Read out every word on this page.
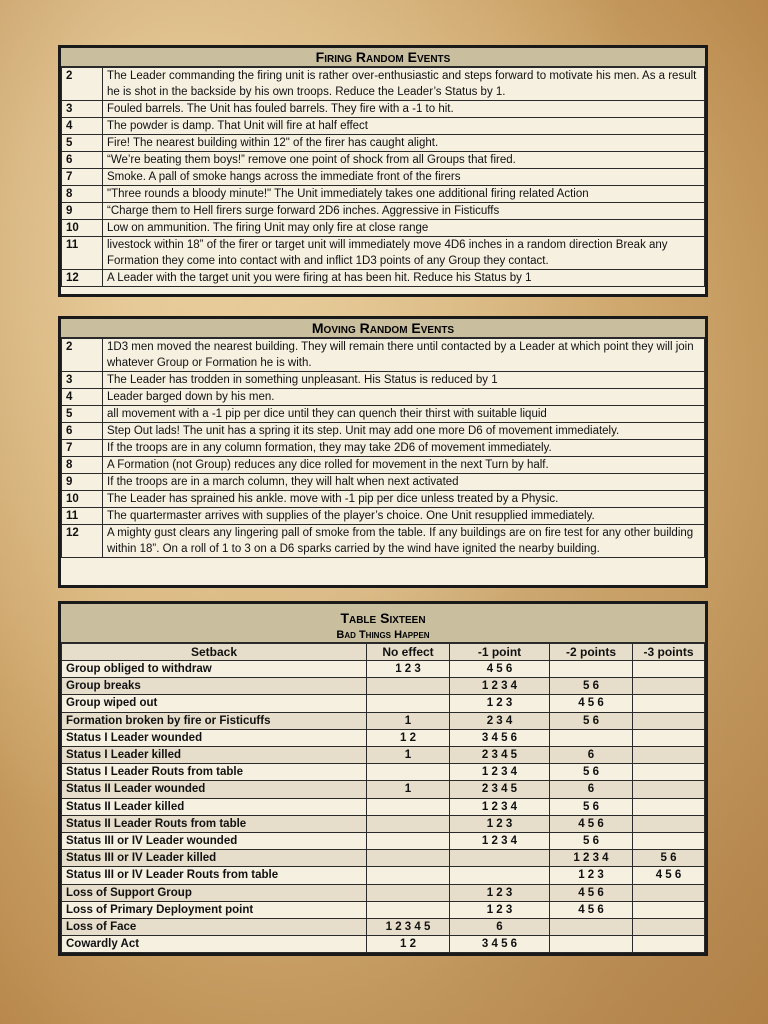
Firing Random Events
2	The Leader commanding the firing unit is rather over-enthusiastic and steps forward to motivate his men. As a result he is shot in the backside by his own troops. Reduce the Leader’s Status by 1.
3	Fouled barrels. The Unit has fouled barrels. They fire with a -1 to hit.
4	The powder is damp. That Unit will fire at half effect
5	Fire! The nearest building within 12" of the firer has caught alight.
6	“We’re beating them boys!” remove one point of shock from all Groups that fired.
7	Smoke. A pall of smoke hangs across the immediate front of the firers
8	"Three rounds a bloody minute!" The Unit immediately takes one additional firing related Action
9	“Charge them to Hell firers surge forward 2D6 inches. Aggressive in Fisticuffs
10	Low on ammunition. The firing Unit may only fire at close range
11	livestock within 18” of the firer or target unit will immediately move 4D6 inches in a random direction Break any Formation they come into contact with and inflict 1D3 points of any Group they contact.
12	A Leader with the target unit you were firing at has been hit. Reduce his Status by 1
Moving Random Events
2	1D3 men moved the nearest building. They will remain there until contacted by a Leader at which point they will join whatever Group or Formation he is with.
3	The Leader has trodden in something unpleasant. His Status is reduced by 1
4	Leader barged down by his men.
5	all movement with a -1 pip per dice until they can quench their thirst with suitable liquid
6	Step Out lads! The unit has a spring it its step. Unit may add one more D6 of movement immediately.
7	If the troops are in any column formation, they may take 2D6 of movement immediately.
8	A Formation (not Group) reduces any dice rolled for movement in the next Turn by half.
9	If the troops are in a march column, they will halt when next activated
10	The Leader has sprained his ankle. move with -1 pip per dice unless treated by a Physic.
11	The quartermaster arrives with supplies of the player’s choice. One Unit resupplied immediately.
12	A mighty gust clears any lingering pall of smoke from the table. If any buildings are on fire test for any other building within 18”. On a roll of 1 to 3 on a D6 sparks carried by the wind have ignited the nearby building.
Table Sixteen
Bad Things Happen
Setback	No effect	-1 point	-2 points	-3 points
Group obliged to withdraw	1 2 3	4 5 6		
Group breaks		1 2 3 4	5 6	
Group wiped out		1 2 3	4 5 6	
Formation broken by fire or Fisticuffs	1	2 3 4	5 6	
Status I Leader wounded	1 2	3 4 5 6		
Status I Leader killed	1	2 3 4 5	6	
Status I Leader Routs from table		1 2 3 4	5 6	
Status II Leader wounded	1	2 3 4 5	6	
Status II Leader killed		1 2 3 4	5 6	
Status II Leader Routs from table		1 2 3	4 5 6	
Status III or IV Leader wounded		1 2 3 4	5 6	
Status III or IV Leader killed			1 2 3 4	5 6
Status III or IV Leader Routs from table			1 2 3	4 5 6
Loss of Support Group		1 2 3	4 5 6	
Loss of Primary Deployment point		1 2 3	4 5 6	
Loss of Face	1 2 3 4 5	6		
Cowardly Act	1 2	3 4 5 6		
